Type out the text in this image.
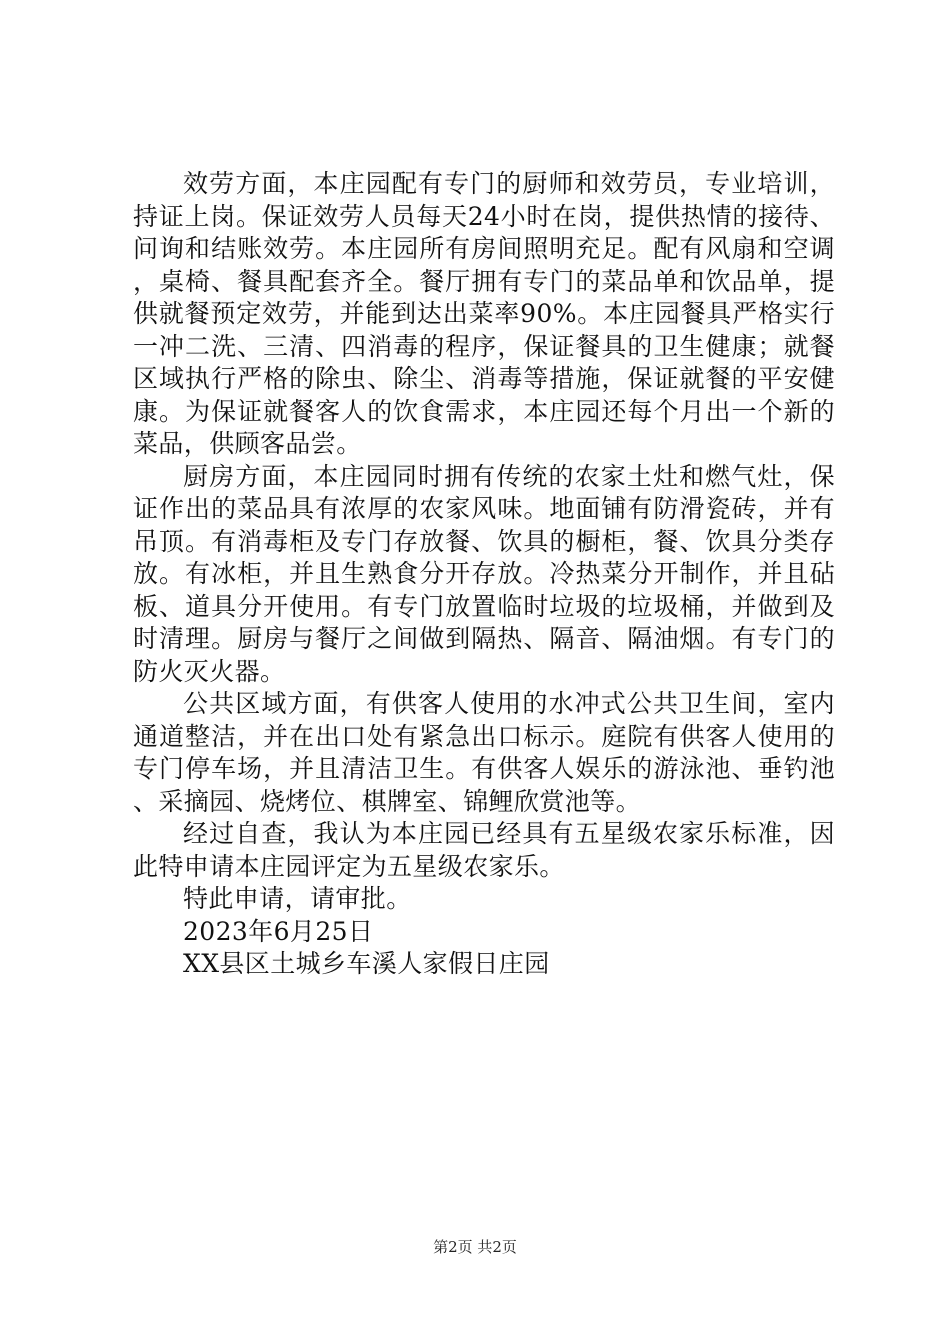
效劳方面，本庄园配有专门的厨师和效劳员，专业培训，持证上岗。保证效劳人员每天24小时在岗，提供热情的接待、问询和结账效劳。本庄园所有房间照明充足。配有风扇和空调，桌椅、餐具配套齐全。餐厅拥有专门的菜品单和饮品单，提供就餐预定效劳，并能到达出菜率90%。本庄园餐具严格实行一冲二洗、三清、四消毒的程序，保证餐具的卫生健康；就餐区域执行严格的除虫、除尘、消毒等措施，保证就餐的平安健康。为保证就餐客人的饮食需求，本庄园还每个月出一个新的菜品，供顾客品尝。

厨房方面，本庄园同时拥有传统的农家土灶和燃气灶，保证作出的菜品具有浓厚的农家风味。地面铺有防滑瓷砖，并有吊顶。有消毒柜及专门存放餐、饮具的橱柜，餐、饮具分类存放。有冰柜，并且生熟食分开存放。冷热菜分开制作，并且砧板、道具分开使用。有专门放置临时垃圾的垃圾桶，并做到及时清理。厨房与餐厅之间做到隔热、隔音、隔油烟。有专门的防火灭火器。

公共区域方面，有供客人使用的水冲式公共卫生间，室内通道整洁，并在出口处有紧急出口标示。庭院有供客人使用的专门停车场，并且清洁卫生。有供客人娱乐的游泳池、垂钓池、采摘园、烧烤位、棋牌室、锦鲤欣赏池等。

经过自查，我认为本庄园已经具有五星级农家乐标准，因此特申请本庄园评定为五星级农家乐。

特此申请，请审批。

2023年6月25日

XX县区土城乡车溪人家假日庄园

第2页 共2页
